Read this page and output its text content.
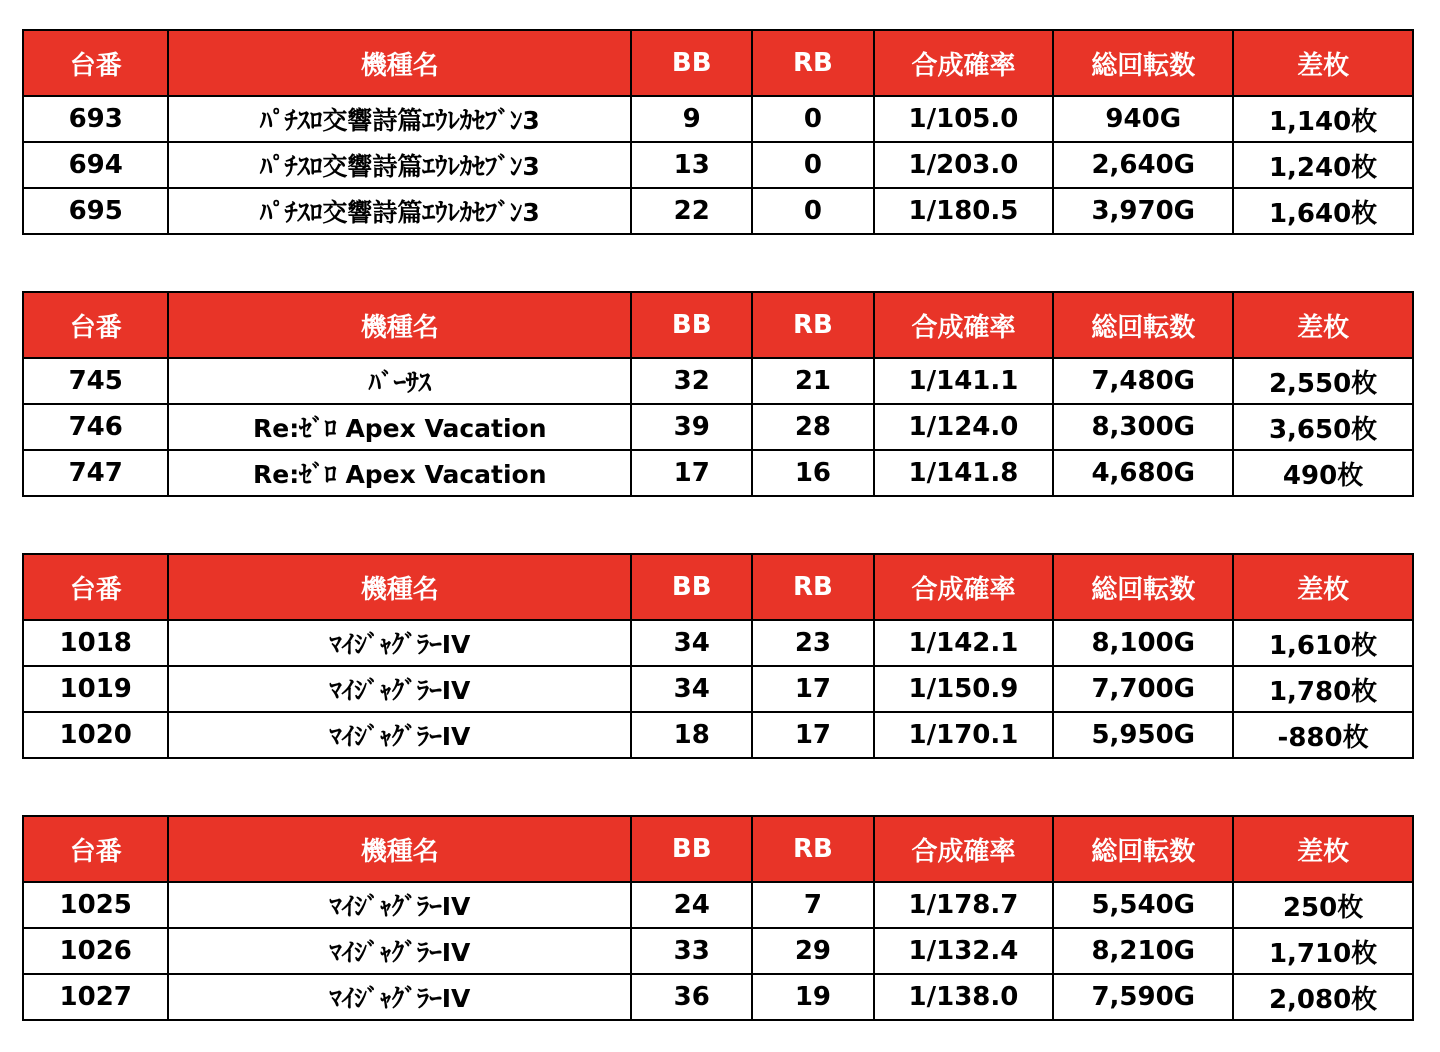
台番	機種名	BB	RB	合成確率	総回転数	差枚
693	ﾊﾟﾁｽﾛ交響詩篇ｴｳﾚｶｾﾌﾞﾝ3	9	0	1/105.0	940G	1,140枚
694	ﾊﾟﾁｽﾛ交響詩篇ｴｳﾚｶｾﾌﾞﾝ3	13	0	1/203.0	2,640G	1,240枚
695	ﾊﾟﾁｽﾛ交響詩篇ｴｳﾚｶｾﾌﾞﾝ3	22	0	1/180.5	3,970G	1,640枚
台番	機種名	BB	RB	合成確率	総回転数	差枚
745	ﾊﾞｰｻｽ	32	21	1/141.1	7,480G	2,550枚
746	Re:ｾﾞﾛ Apex Vacation	39	28	1/124.0	8,300G	3,650枚
747	Re:ｾﾞﾛ Apex Vacation	17	16	1/141.8	4,680G	490枚
台番	機種名	BB	RB	合成確率	総回転数	差枚
1018	ﾏｲｼﾞｬｸﾞﾗｰIV	34	23	1/142.1	8,100G	1,610枚
1019	ﾏｲｼﾞｬｸﾞﾗｰIV	34	17	1/150.9	7,700G	1,780枚
1020	ﾏｲｼﾞｬｸﾞﾗｰIV	18	17	1/170.1	5,950G	-880枚
台番	機種名	BB	RB	合成確率	総回転数	差枚
1025	ﾏｲｼﾞｬｸﾞﾗｰIV	24	7	1/178.7	5,540G	250枚
1026	ﾏｲｼﾞｬｸﾞﾗｰIV	33	29	1/132.4	8,210G	1,710枚
1027	ﾏｲｼﾞｬｸﾞﾗｰIV	36	19	1/138.0	7,590G	2,080枚
